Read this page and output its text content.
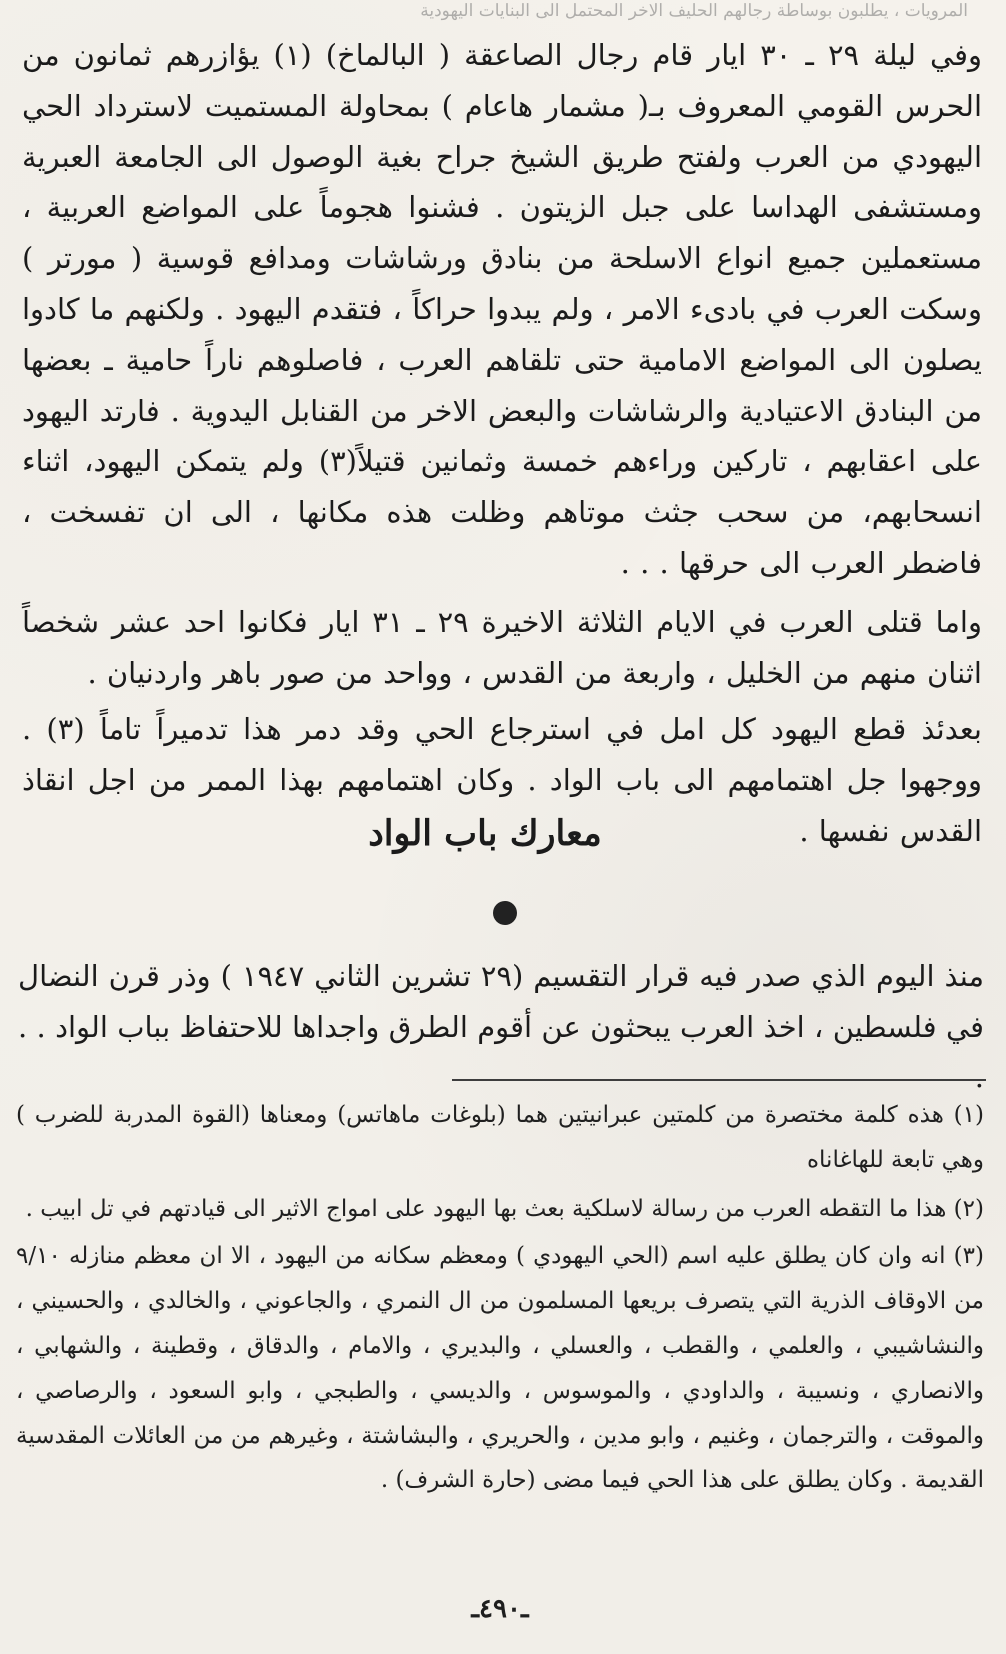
المرويات ، يطلبون بوساطة رجالهم الحليف الاخر المحتمل الى البنايات اليهودية

وفي ليلة ٢٩ ـ ٣٠ ايار قام رجال الصاعقة ( البالماخ) (١) يؤازرهم ثمانون من الحرس القومي المعروف بـ( مشمار هاعام ) بمحاولة المستميت لاسترداد الحي اليهودي من العرب ولفتح طريق الشيخ جراح بغية الوصول الى الجامعة العبرية ومستشفى الهداسا على جبل الزيتون . فشنوا هجوماً على المواضع العربية ، مستعملين جميع انواع الاسلحة من بنادق ورشاشات ومدافع قوسية ( مورتر ) وسكت العرب في بادىء الامر ، ولم يبدوا حراكاً ، فتقدم اليهود . ولكنهم ما كادوا يصلون الى المواضع الامامية حتى تلقاهم العرب ، فاصلوهم ناراً حامية ـ بعضها من البنادق الاعتيادية والرشاشات والبعض الاخر من القنابل اليدوية . فارتد اليهود على اعقابهم ، تاركين وراءهم خمسة وثمانين قتيلاً(٣) ولم يتمكن اليهود، اثناء انسحابهم، من سحب جثث موتاهم وظلت هذه مكانها ، الى ان تفسخت ، فاضطر العرب الى حرقها . . .

واما قتلى العرب في الايام الثلاثة الاخيرة ٢٩ ـ ٣١ ايار فكانوا احد عشر شخصاً اثنان منهم من الخليل ، واربعة من القدس ، وواحد من صور باهر واردنيان .

بعدئذ قطع اليهود كل امل في استرجاع الحي وقد دمر هذا تدميراً تاماً (٣) . ووجهوا جل اهتمامهم الى باب الواد . وكان اهتمامهم بهذا الممر من اجل انقاذ القدس نفسها .

معارك باب الواد

منذ اليوم الذي صدر فيه قرار التقسيم (٢٩ تشرين الثاني ١٩٤٧ ) وذر قرن النضال في فلسطين ، اخذ العرب يبحثون عن أقوم الطرق واجداها للاحتفاظ بباب الواد . . .

(١) هذه كلمة مختصرة من كلمتين عبرانيتين هما (بلوغات ماهاتس) ومعناها (القوة المدربة للضرب ) وهي تابعة للهاغاناه

(٢) هذا ما التقطه العرب من رسالة لاسلكية بعث بها اليهود على امواج الاثير الى قيادتهم في تل ابيب .

(٣) انه وان كان يطلق عليه اسم (الحي اليهودي ) ومعظم سكانه من اليهود ، الا ان معظم منازله ٩/١٠ من الاوقاف الذرية التي يتصرف بريعها المسلمون من ال النمري ، والجاعوني ، والخالدي ، والحسيني ، والنشاشيبي ، والعلمي ، والقطب ، والعسلي ، والبديري ، والامام ، والدقاق ، وقطينة ، والشهابي ، والانصاري ، ونسيبة ، والداودي ، والموسوس ، والديسي ، والطبجي ، وابو السعود ، والرصاصي ، والموقت ، والترجمان ، وغنيم ، وابو مدين ، والحريري ، والبشاشتة ، وغيرهم من من العائلات المقدسية القديمة . وكان يطلق على هذا الحي فيما مضى (حارة الشرف) .

ـ٤٩٠ـ
